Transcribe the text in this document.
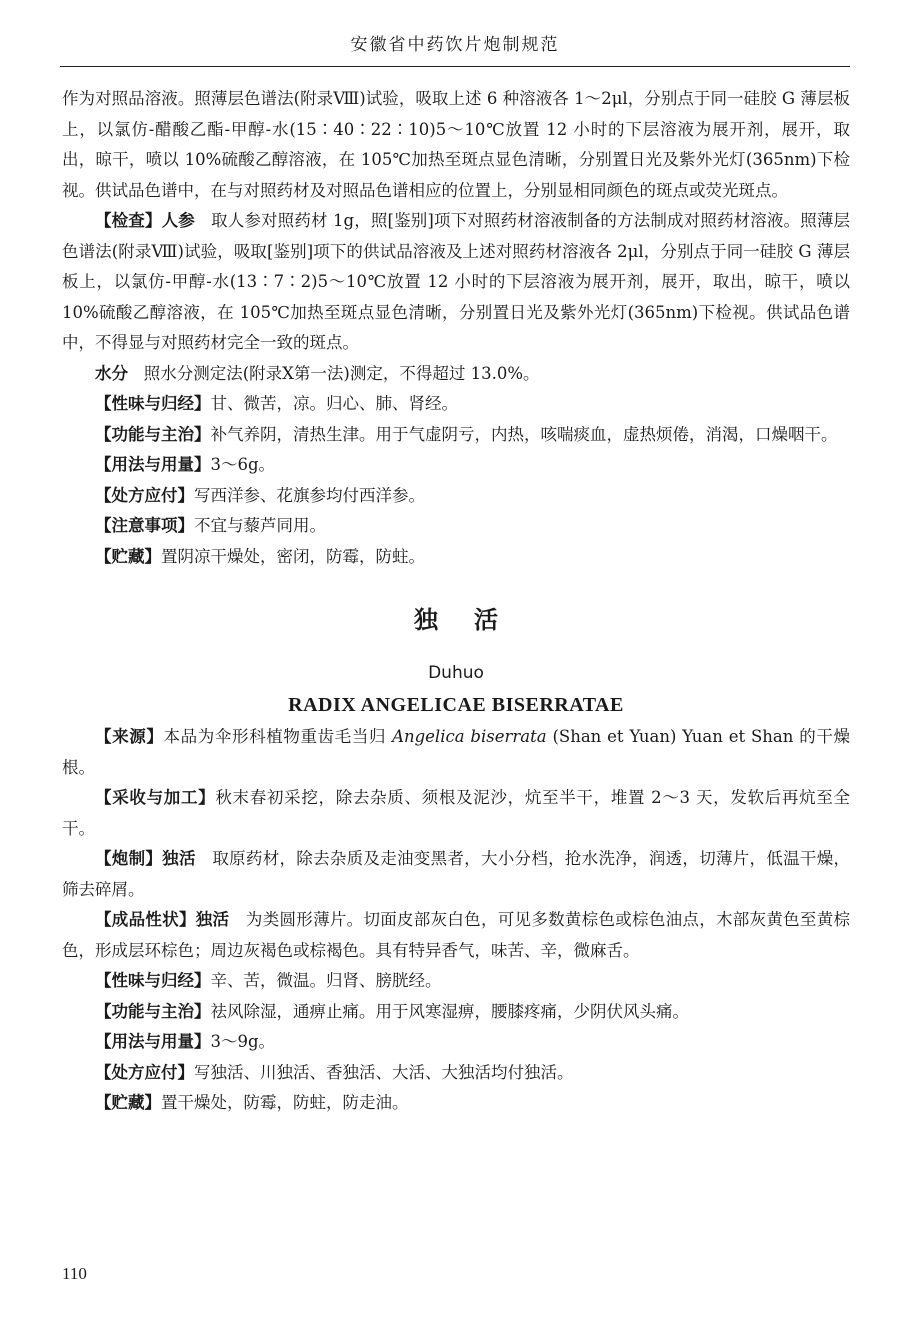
安徽省中药饮片炮制规范

作为对照品溶液。照薄层色谱法(附录Ⅷ)试验，吸取上述 6 种溶液各 1～2μl，分别点于同一硅胶 G 薄层板上，以氯仿-醋酸乙酯-甲醇-水(15∶40∶22∶10)5～10℃放置 12 小时的下层溶液为展开剂，展开，取出，晾干，喷以 10%硫酸乙醇溶液，在 105℃加热至斑点显色清晰，分别置日光及紫外光灯(365nm)下检视。供试品色谱中，在与对照药材及对照品色谱相应的位置上，分别显相同颜色的斑点或荧光斑点。

【检查】人参 取人参对照药材 1g，照[鉴别]项下对照药材溶液制备的方法制成对照药材溶液。照薄层色谱法(附录Ⅷ)试验，吸取[鉴别]项下的供试品溶液及上述对照药材溶液各 2μl，分别点于同一硅胶 G 薄层板上，以氯仿-甲醇-水(13∶7∶2)5～10℃放置 12 小时的下层溶液为展开剂，展开，取出，晾干，喷以 10%硫酸乙醇溶液，在 105℃加热至斑点显色清晰，分别置日光及紫外光灯(365nm)下检视。供试品色谱中，不得显与对照药材完全一致的斑点。

水分 照水分测定法(附录Ⅹ第一法)测定，不得超过 13.0%。

【性味与归经】甘、微苦，凉。归心、肺、肾经。

【功能与主治】补气养阴，清热生津。用于气虚阴亏，内热，咳喘痰血，虚热烦倦，消渴，口燥咽干。

【用法与用量】3～6g。

【处方应付】写西洋参、花旗参均付西洋参。

【注意事项】不宜与藜芦同用。

【贮藏】置阴凉干燥处，密闭，防霉，防蛀。

独活
Duhuo
RADIX ANGELICAE BISERRATAE

【来源】本品为伞形科植物重齿毛当归 Angelica biserrata (Shan et Yuan) Yuan et Shan 的干燥根。

【采收与加工】秋末春初采挖，除去杂质、须根及泥沙，炕至半干，堆置 2～3 天，发软后再炕至全干。

【炮制】独活 取原药材，除去杂质及走油变黑者，大小分档，抢水洗净，润透，切薄片，低温干燥，筛去碎屑。

【成品性状】独活 为类圆形薄片。切面皮部灰白色，可见多数黄棕色或棕色油点，木部灰黄色至黄棕色，形成层环棕色；周边灰褐色或棕褐色。具有特异香气，味苦、辛，微麻舌。

【性味与归经】辛、苦，微温。归肾、膀胱经。

【功能与主治】祛风除湿，通痹止痛。用于风寒湿痹，腰膝疼痛，少阴伏风头痛。

【用法与用量】3～9g。

【处方应付】写独活、川独活、香独活、大活、大独活均付独活。

【贮藏】置干燥处，防霉，防蛀，防走油。

110
